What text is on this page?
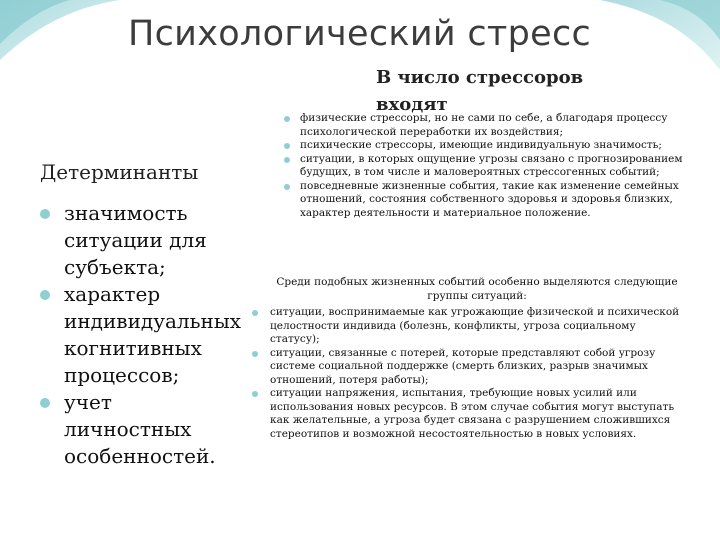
Психологический стресс
В число стрессоров входят
Детерминанты
значимость ситуации для субъекта;
характер индивидуальных когнитивных процессов;
учет личностных особенностей.
физические стрессоры, но не сами по себе, а благодаря процессу психологической переработки их воздействия;
психические стрессоры, имеющие индивидуальную значимость;
ситуации, в которых ощущение угрозы связано с прогнозированием будущих, в том числе и маловероятных стрессогенных событий;
повседневные жизненные события, такие как изменение семейных отношений, состояния собственного здоровья и здоровья близких, характер деятельности и материальное положение.
Среди подобных жизненных событий особенно выделяются следующие группы ситуаций:
ситуации, воспринимаемые как угрожающие физической и психической целостности индивида (болезнь, конфликты, угроза социальному статусу);
ситуации, связанные с потерей, которые представляют собой угрозу системе социальной поддержке (смерть близких, разрыв значимых отношений, потеря работы);
ситуации напряжения, испытания, требующие новых усилий или использования новых ресурсов. В этом случае события могут выступать как желательные, а угроза будет связана с разрушением сложившихся стереотипов и возможной несостоятельностью в новых условиях.
